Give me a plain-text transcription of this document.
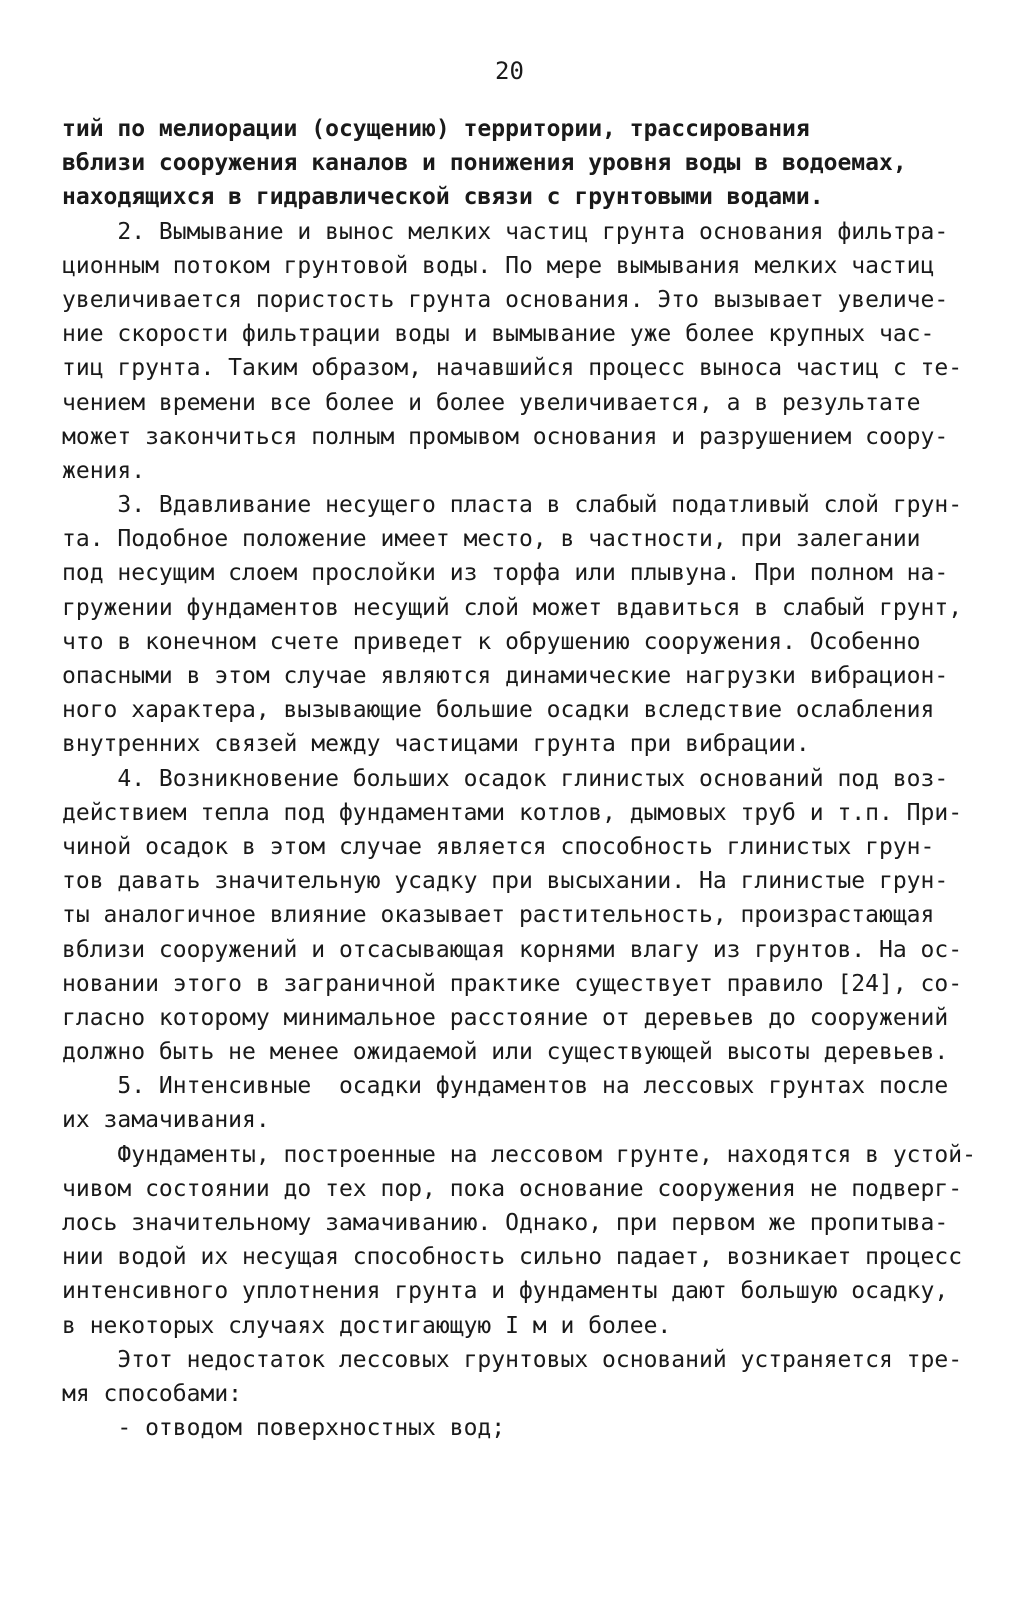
20
тий по мелиорации (осущению) территории, трассирования
вблизи сооружения каналов и понижения уровня воды в водоемах,
находящихся в гидравлической связи с грунтовыми водами.
2. Вымывание и вынос мелких частиц грунта основания фильтра-
ционным потоком грунтовой воды. По мере вымывания мелких частиц
увеличивается пористость грунта основания. Это вызывает увеличе-
ние скорости фильтрации воды и вымывание уже более крупных час-
тиц грунта. Таким образом, начавшийся процесс выноса частиц с те-
чением времени все более и более увеличивается, а в результате
может закончиться полным промывом основания и разрушением соору-
жения.
3. Вдавливание несущего пласта в слабый податливый слой грун-
та. Подобное положение имеет место, в частности, при залегании
под несущим слоем прослойки из торфа или плывуна. При полном на-
гружении фундаментов несущий слой может вдавиться в слабый грунт,
что в конечном счете приведет к обрушению сооружения. Особенно
опасными в этом случае являются динамические нагрузки вибрацион-
ного характера, вызывающие большие осадки вследствие ослабления
внутренних связей между частицами грунта при вибрации.
4. Возникновение больших осадок глинистых оснований под воз-
действием тепла под фундаментами котлов, дымовых труб и т.п. При-
чиной осадок в этом случае является способность глинистых грун-
тов давать значительную усадку при высыхании. На глинистые грун-
ты аналогичное влияние оказывает растительность, произрастающая
вблизи сооружений и отсасывающая корнями влагу из грунтов. На ос-
новании этого в заграничной практике существует правило [24], со-
гласно которому минимальное расстояние от деревьев до сооружений
должно быть не менее ожидаемой или существующей высоты деревьев.
5. Интенсивные  осадки фундаментов на лессовых грунтах после
их замачивания.
Фундаменты, построенные на лессовом грунте, находятся в устой-
чивом состоянии до тех пор, пока основание сооружения не подверг-
лось значительному замачиванию. Однако, при первом же пропитыва-
нии водой их несущая способность сильно падает, возникает процесс
интенсивного уплотнения грунта и фундаменты дают большую осадку,
в некоторых случаях достигающую I м и более.
Этот недостаток лессовых грунтовых оснований устраняется тре-
мя способами:
- отводом поверхностных вод;
